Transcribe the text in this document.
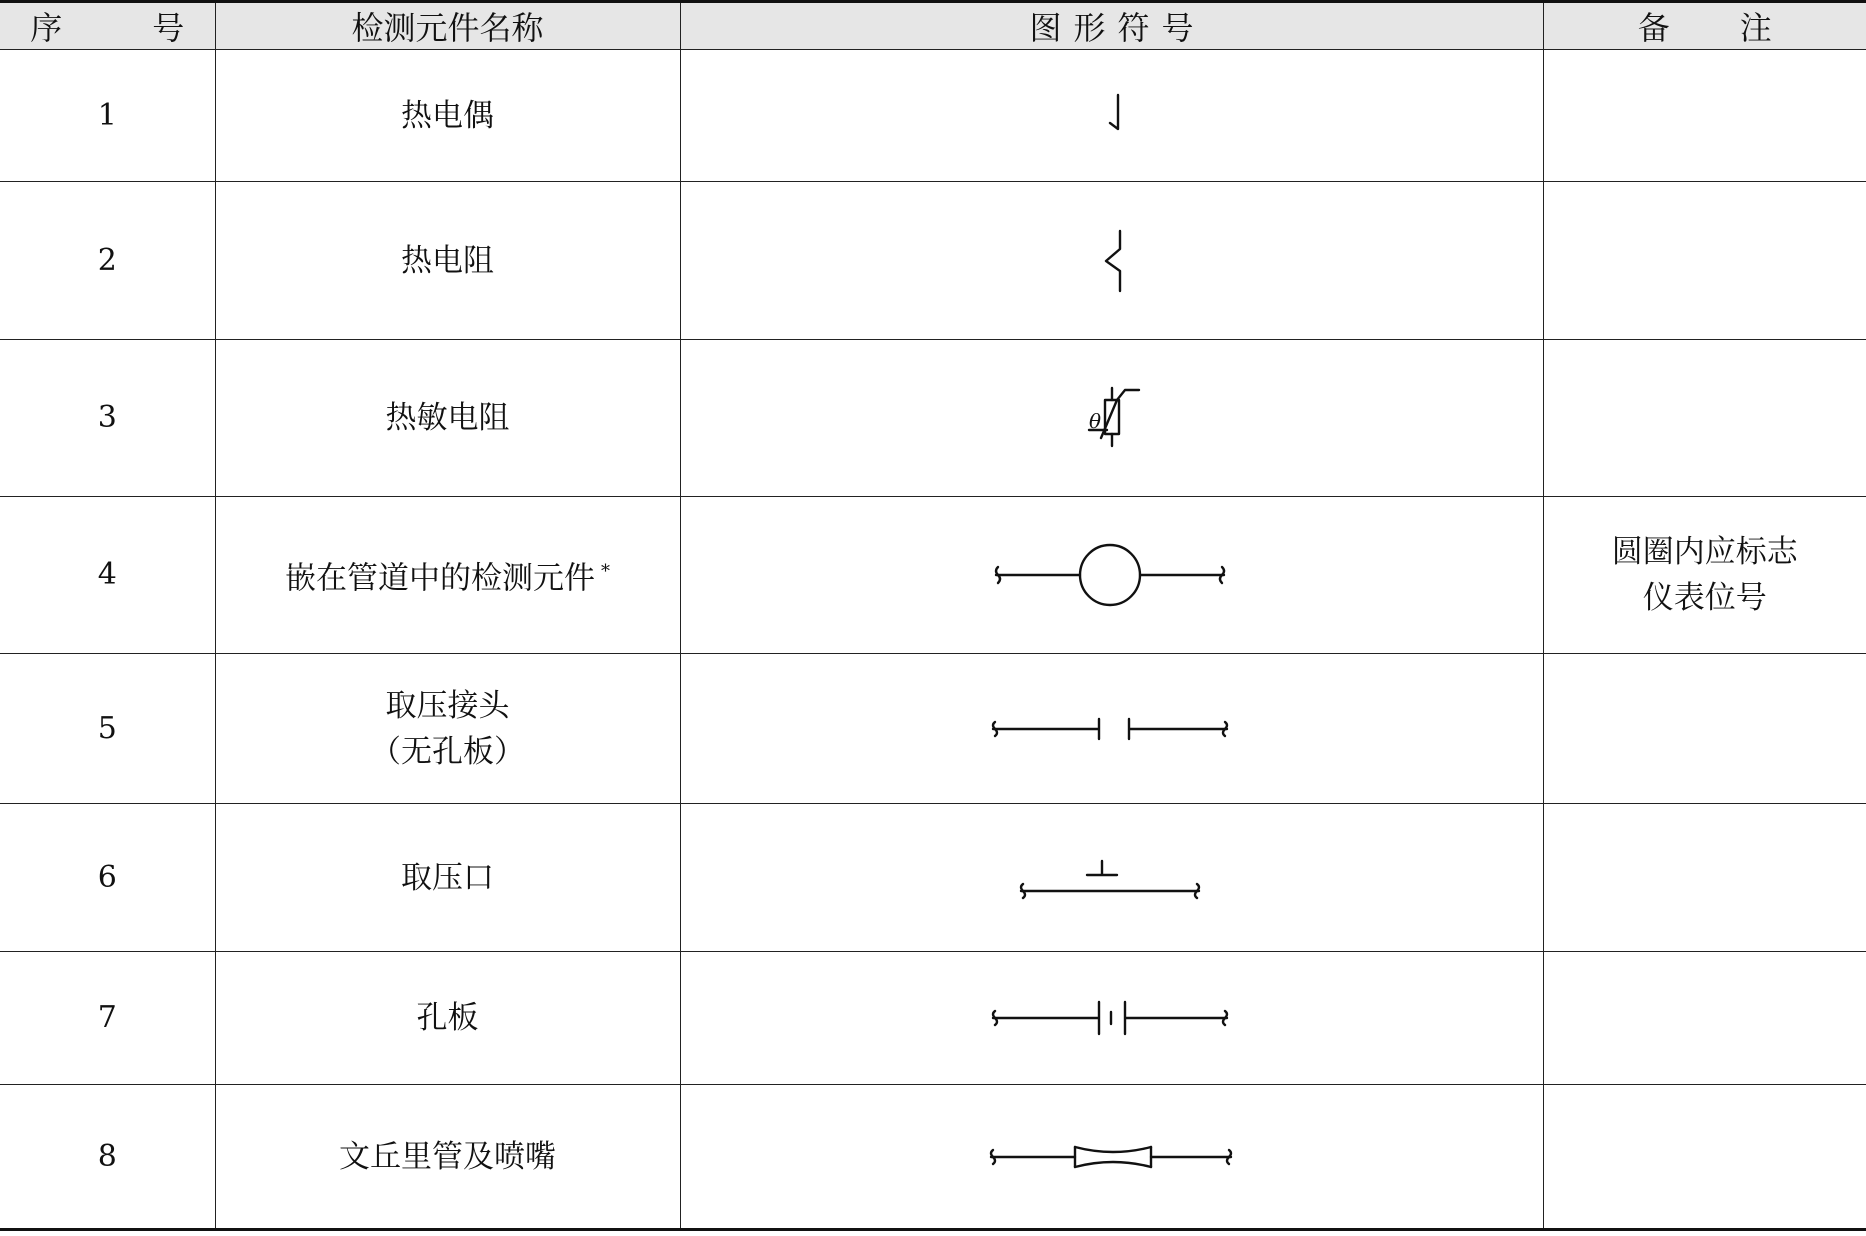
序 号	检测元件名称	图 形 符 号	备 注
1	热电偶	

2	热电阻	

3	热敏电阻	θ	

4	嵌在管道中的检测元件 *		圆圈内应标志
仪表位号

5	取压接头
（无孔板）

6	取压口	

7	孔板	

8	文丘里管及喷嘴	
